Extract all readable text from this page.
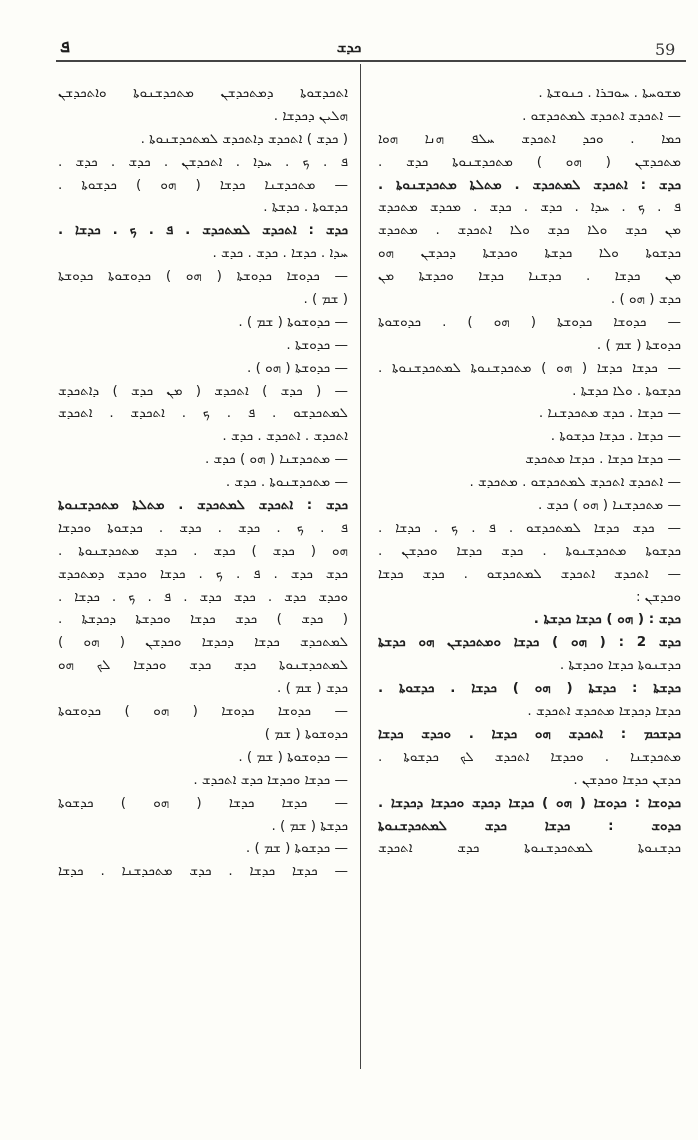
ܦ	ܟܕܫ	59
ܡܫܘܚܬܐ . ܚܘܒܪܐ . ܟܢܘܫܬܐ .
— ܐܬܟܕܫ ܐܬܟܕܫ ܠܡܬܟܕܫܘ .
ܟܡܐ . ܘܟܕ ܐܬܟܕܫ ܚܠܦ ܗܢܐ ܗܘܐ
ܡܬܟܕܫܢ ( ܗܘ ) ܡܬܟܕܫܢܘܬܐ ܟܕܫ .
ܟܕܫ : ܐܬܟܕܫ ܠܡܬܟܕܫ . ܡܬܠܬܐ ܡܬܟܕܫܢܘܬܐ .
ܦ . ܟ . ܚܕܐ . ܟܕܫ . ܟܕܫ . ܡܟܕܫ ܡܬܟܕܫ
ܡܢ ܟܕܫ ܘܠܐ ܟܕܫ ܘܠܐ ܐܬܟܕܫ . ܡܬܟܕܫ
ܟܕܫܘܬܐ ܘܠܐ ܟܕܫܬܐ ܘܟܕܫܬܐ ܕܟܕܫܢ ܗܘ
ܡܢ ܟܕܫܐ . ܟܕܫܢܐ ܟܕܫܐ ܘܟܕܫܬܐ ܡܢ
ܟܕܫ ( ܗܘ ) .
— ܟܕܘܫܐ ܟܕܘܫܬܐ ( ܗܘ ) . ܟܕܘܫܘܬܐ
ܟܕܘܫܬܐ ( ܫܡ ) .
— ܟܕܫܐ ܟܕܫܐ ( ܗܘ ) ܡܬܟܕܫܢܘܬܐ ܠܡܬܟܕܫܢܘܬܐ .
ܟܕܫܘܬܐ . ܘܠܐ ܟܕܫܬܐ .
— ܟܕܫܐ . ܟܕܫ ܡܬܟܕܫܢܐ .
— ܟܕܫܐ . ܟܕܫܐ ܟܕܫܘܬܐ .
— ܟܕܫܐ ܟܕܫܐ . ܟܕܫܐ ܡܬܟܕܫ
— ܐܬܟܕܫ ܐܬܟܕܫ ܠܡܬܟܕܫܘ . ܡܬܟܕܫ .
— ܡܬܟܕܫܢܐ ( ܗܘ ) ܟܕܫ .
— ܟܕܫ ܟܕܫܐ ܠܡܬܟܕܫܘ . ܦ . ܟ . ܟܕܫܐ .
ܟܕܫܘܬܐ ܡܬܟܕܫܢܘܬܐ . ܟܕܫ ܟܕܫܐ ܘܟܕܫܢ .
— ܐܬܟܕܫ ܐܬܟܕܫ ܠܡܬܟܕܫܘ . ܟܕܫ ܟܕܫܐ
ܘܟܕܫܢ :
ܟܕܫ : ( ܗܘ ) ܟܕܫܐ ܟܕܫܬܐ .
ܟܕܫ 2 : ( ܗܘ ) ܟܕܫܐ ܘܡܬܟܕܫܢ ܗܘ ܟܕܫܬܐ
ܟܕܫܢܘܬܐ ܟܕܫܐ ܘܟܕܫܬܐ .
ܟܕܫܬܐ : ܟܕܫܬܐ ( ܗܘ ) ܟܕܫܐ . ܟܕܫܘܬܐ .
ܟܕܫܐ ܕܟܕܫܐ ܡܬܟܕܫ ܐܬܟܕܫ .
ܟܕܫܟܡ : ܐܬܟܕܫ ܗܘ ܟܕܫܐ . ܘܟܕܫ ܟܕܫܐ
ܡܬܟܕܫܢܐ . ܘܟܕܫܐ ܐܬܟܕܫ ܠܟ ܟܕܫܘܬܐ .
ܟܕܫܢ ܟܕܫܐ ܘܟܕܫܢ .
ܟܕܘܫܐ : ܟܕܘܫܐ ( ܗܘ ) ܟܕܫܐ ܕܟܕܫ ܘܟܕܫܐ ܕܟܕܫܐ .
ܟܕܘܫ : ܟܕܫܐ ܟܕܫ ܠܡܬܟܕܫܢܘܬܐ
ܟܕܫܢܘܬܐ ܠܡܬܟܕܫܢܘܬܐ ܟܕܫ ܐܬܟܕܫ
ܐܬܟܕܫܘܬܐ ܕܡܬܟܕܫܢ ܡܬܟܕܫܢܘܬܐ ܘܐܬܟܕܫܢ
ܗܠܝܢ ܕܟܕܫܐ .
( ܟܕܫ ) ܐܬܟܕܫ ܕܐܬܟܕܫ ܠܡܬܟܕܫܢܘܬܐ .
ܦ . ܟ . ܚܕܐ . ܐܬܟܕܫܢ . ܟܕܫ . ܟܕܫ .
— ܡܬܟܕܫܢܐ ܟܕܫܐ ( ܗܘ ) ܟܕܫܘܬܐ .
ܟܕܫܘܬܐ . ܟܕܫܬܐ .
ܟܕܫ : ܐܬܟܕܫ ܠܡܬܟܕܫ . ܦ . ܟ . ܟܕܫܐ .
ܚܕܐ . ܟܕܫܐ . ܟܕܫ . ܟܕܫ .
— ܟܕܘܫܐ ܟܕܘܫܬܐ ( ܗܘ ) ܟܕܘܫܘܬܐ ܟܕܘܫܬܐ
( ܫܡ ) .
— ܟܕܘܫܘܬܐ ( ܫܡ ) .
— ܟܕܘܫܬܐ .
— ܟܕܘܫܬܐ ( ܗܘ ) .
— ( ܟܕܫ ) ܐܬܟܕܫ ( ܡܢ ܟܕܫ ) ܕܐܬܟܕܫ
ܠܡܬܟܕܫܘ . ܦ . ܟ . ܐܬܟܕܫ . ܐܬܟܕܫ
ܐܬܟܕܫ . ܐܬܟܕܫ . ܟܕܫ .
— ܡܬܟܕܫܢܐ ( ܗܘ ) ܟܕܫ .
— ܡܬܟܕܫܢܘܬܐ . ܟܕܫ .
ܟܕܫ : ܐܬܟܕܫ ܠܡܬܟܕܫ . ܡܬܠܬܐ ܡܬܟܕܫܢܘܬܐ
ܦ . ܟ . ܟܕܫ . ܟܕܫ . ܟܕܫܘܬܐ ܘܟܕܫܐ
ܗܘ ( ܟܕܫ ) ܟܕܫ . ܟܕܫ ܡܬܟܕܫܢܘܬܐ .
ܟܕܫ ܟܕܫ . ܦ . ܟ . ܟܕܫܐ ܘܟܕܫ ܕܡܬܟܕܫ
ܘܟܕܫ ܟܕܫ . ܟܕܫ ܟܕܫ . ܦ . ܟ . ܟܕܫܐ .
( ܟܕܫ ) ܟܕܫ ܟܕܫܐ ܘܟܕܫܬܐ ܕܟܕܫܬܐ .
ܠܡܬܟܕܫ ܟܕܫܐ ܕܟܕܫܐ ܘܟܕܫܢ ( ܗܘ )
ܠܡܬܟܕܫܢܘܬܐ ܟܕܫ ܟܕܫ ܘܟܕܫܐ ܠܟ ܗܘ
ܟܕܫ ( ܫܡ ) .
— ܟܕܘܫܐ ܟܕܘܫܐ ( ܗܘ ) ܟܕܘܫܘܬܐ
ܟܕܘܫܘܬܐ ( ܫܡ )
— ܟܕܘܫܘܬܐ ( ܫܡ ) .
— ܟܕܫܐ ܘܟܕܫܐ ܟܕܫ ܐܬܟܕܫ .
— ܟܕܫܐ ܟܕܫܐ ( ܗܘ ) ܟܕܫܘܬܐ
ܟܕܫܬܐ ( ܫܡ ) .
— ܟܕܫܘܬܐ ( ܫܡ ) .
— ܟܕܫܐ ܟܕܫܐ . ܟܕܫ ܡܬܟܕܫܢܐ . ܟܕܫܐ
